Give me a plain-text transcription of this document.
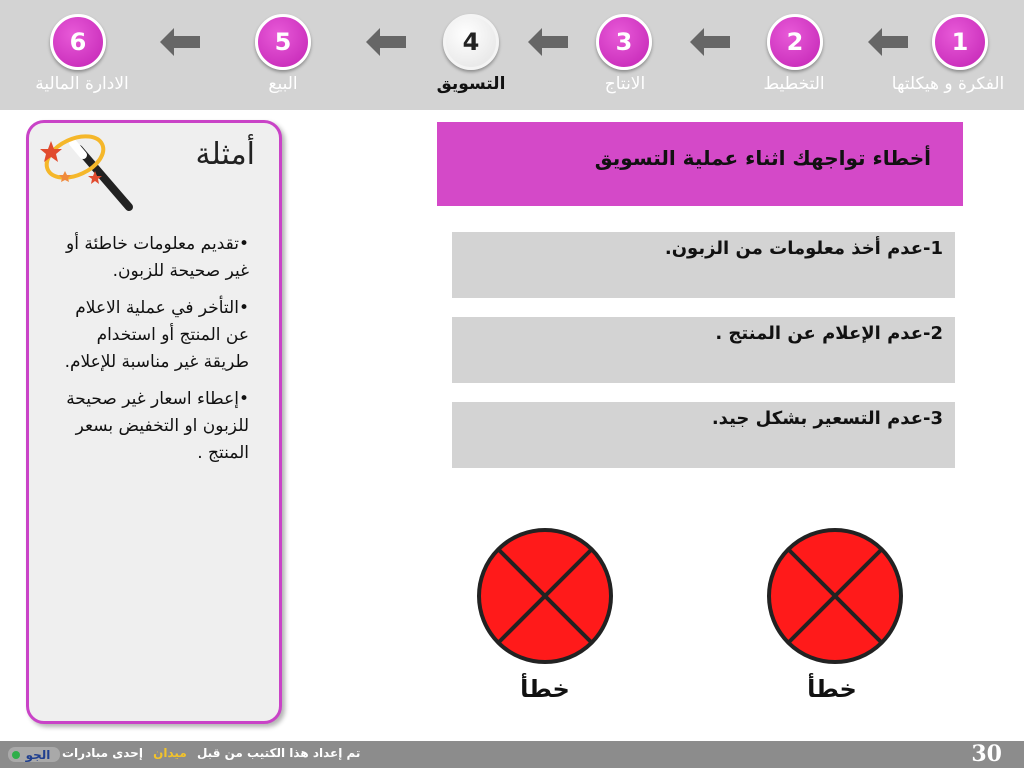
1
الفكرة و هيكلتها
2
التخطيط
3
الانتاج
4
التسويق
5
البيع
6
الادارة المالية
أمثلة
• تقديم معلومات خاطئة أو غير صحيحة للزبون.
• التأخر في عملية الاعلام عن المنتج أو استخدام طريقة غير مناسبة للإعلام.
• إعطاء اسعار غير صحيحة للزبون او التخفيض بسعر المنتج .
أخطاء تواجهك اثناء عملية التسويق
1-عدم أخذ معلومات من الزبون.
2-عدم الإعلام عن المنتج .
3-عدم التسعير بشكل جيد.
خطأ	خطأ
الجو	تم إعداد هذا الكتيب من قبل ميدان إحدى مبادرات	30
